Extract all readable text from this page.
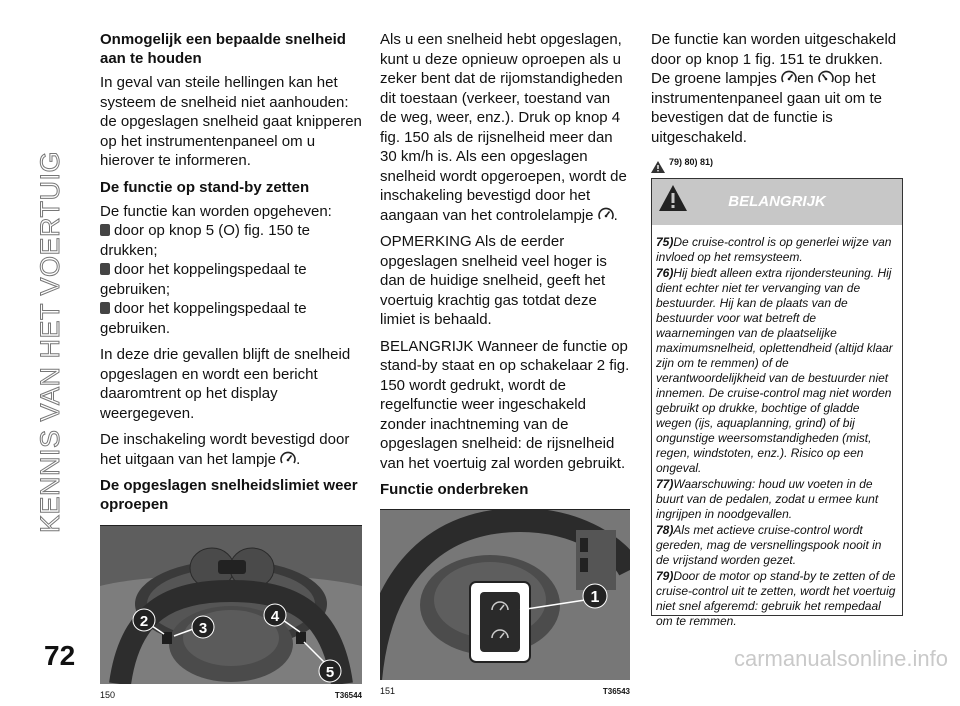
KENNIS VAN HET VOERTUIG
Onmogelijk een bepaalde snelheid aan te houden

In geval van steile hellingen kan het systeem de snelheid niet aanhouden: de opgeslagen snelheid gaat knipperen op het instrumentenpaneel om u hierover te informeren.

De functie op stand-by zetten

De functie kan worden opgeheven:

door op knop 5 (O) fig. 150 te drukken;

door het koppelingspedaal te gebruiken;

door het koppelingspedaal te gebruiken.

In deze drie gevallen blijft de snelheid opgeslagen en wordt een bericht daaromtrent op het display weergegeven.

De inschakeling wordt bevestigd door het uitgaan van het lampje .

De opgeslagen snelheidslimiet weer oproepen
2	3
4
5
150	T36544

Als u een snelheid hebt opgeslagen, kunt u deze opnieuw oproepen als u zeker bent dat de rijomstandigheden dit toestaan (verkeer, toestand van de weg, weer, enz.). Druk op knop 4 fig. 150 als de rijsnelheid meer dan 30 km/h is. Als een opgeslagen snelheid wordt opgeroepen, wordt de inschakeling bevestigd door het aangaan van het controlelampje .

OPMERKING Als de eerder opgeslagen snelheid veel hoger is dan de huidige snelheid, geeft het voertuig krachtig gas totdat deze limiet is behaald.

BELANGRIJK Wanneer de functie op stand-by staat en op schakelaar 2 fig. 150 wordt gedrukt, wordt de regelfunctie weer ingeschakeld zonder inachtneming van de opgeslagen snelheid: de rijsnelheid van het voertuig zal worden gebruikt.

Functie onderbreken
1
151	T36543

De functie kan worden uitgeschakeld door op knop 1 fig. 151 te drukken. De groene lampjes en op het instrumentenpaneel gaan uit om te bevestigen dat de functie is uitgeschakeld.

79) 80) 81)
BELANGRIJK

75)De cruise-control is op generlei wijze van invloed op het remsysteem.

76)Hij biedt alleen extra rijondersteuning. Hij dient echter niet ter vervanging van de bestuurder. Hij kan de plaats van de bestuurder voor wat betreft de waarnemingen van de plaatselijke maximumsnelheid, oplettendheid (altijd klaar zijn om te remmen) of de verantwoordelijkheid van de bestuurder niet innemen. De cruise-control mag niet worden gebruikt op drukke, bochtige of gladde wegen (ijs, aquaplanning, grind) of bij ongunstige weersomstandigheden (mist, regen, windstoten, enz.). Risico op een ongeval.

77)Waarschuwing: houd uw voeten in de buurt van de pedalen, zodat u ermee kunt ingrijpen in noodgevallen.

78)Als met actieve cruise-control wordt gereden, mag de versnellingspook nooit in de vrijstand worden gezet.

79)Door de motor op stand-by te zetten of de cruise-control uit te zetten, wordt het voertuig niet snel afgeremd: gebruik het rempedaal om te remmen.

72	carmanualsonline.info
